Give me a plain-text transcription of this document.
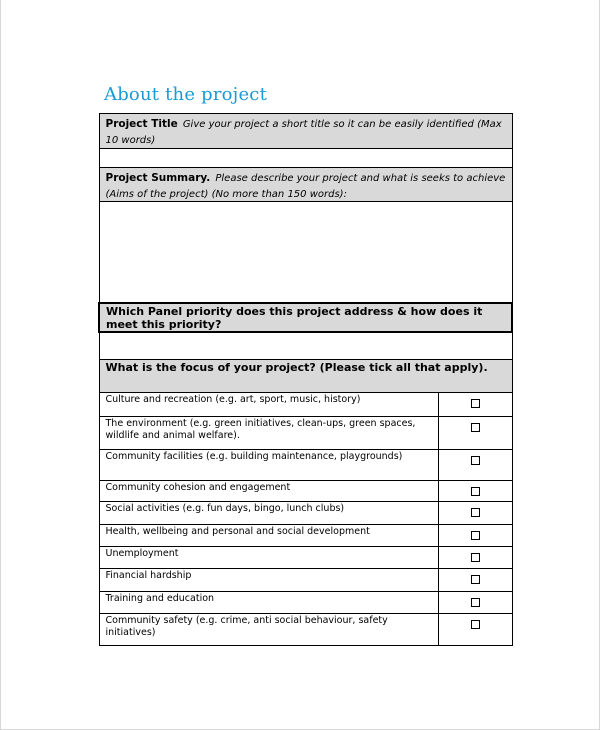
About the project
Project Title Give your project a short title so it can be easily identified (Max 10 words)	

Project Summary. Please describe your project and what is seeks to achieve (Aims of the project) (No more than 150 words):	

Which Panel priority does this project address & how does it meet this priority?	

What is the focus of your project? (Please tick all that apply).	

Culture and recreation (e.g. art, sport, music, history)	

The environment (e.g. green initiatives, clean-ups, green spaces, wildlife and animal welfare).	

Community facilities (e.g. building maintenance, playgrounds)	

Community cohesion and engagement	

Social activities (e.g. fun days, bingo, lunch clubs)	

Health, wellbeing and personal and social development	

Unemployment	

Financial hardship	

Training and education	

Community safety (e.g. crime, anti social behaviour, safety initiatives)	
